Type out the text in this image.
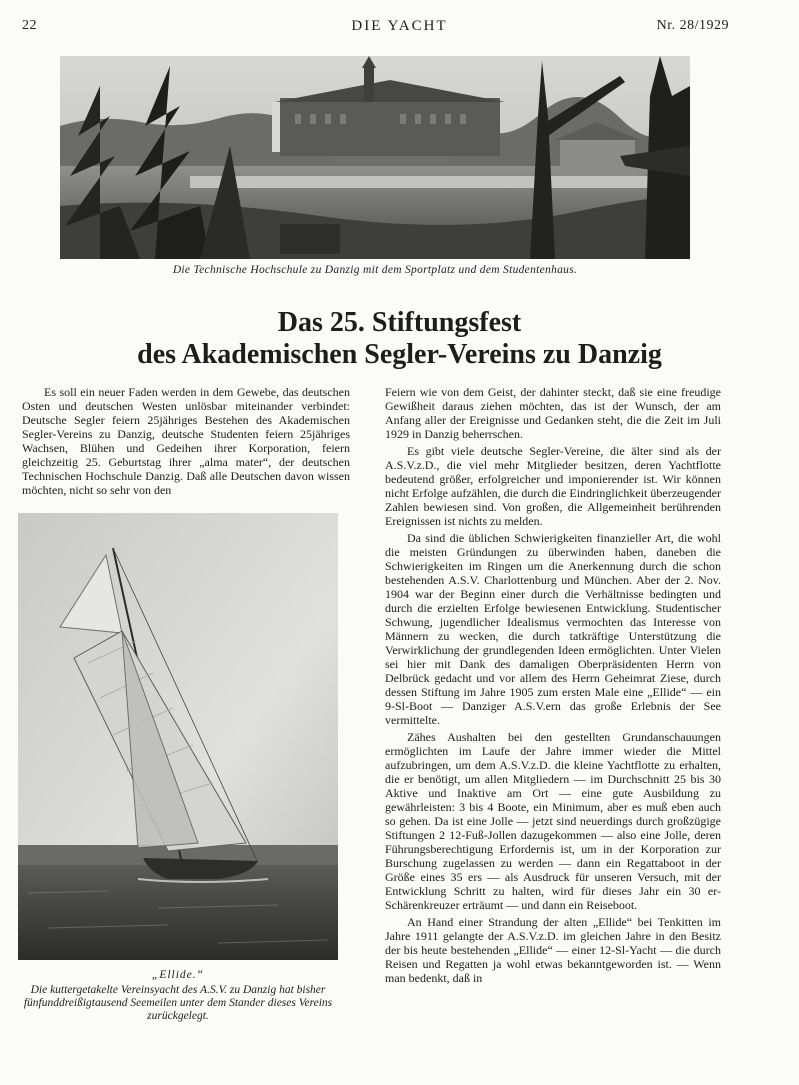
22	DIE YACHT	Nr. 28/1929
Die Technische Hochschule zu Danzig mit dem Sportplatz und dem Studentenhaus.
Das 25. Stiftungsfest
des Akademischen Segler-Vereins zu Danzig

Es soll ein neuer Faden werden in dem Gewebe, das deutschen Osten und deutschen Westen unlösbar miteinander verbindet: Deutsche Segler feiern 25jähriges Bestehen des Akademischen Segler-Vereins zu Danzig, deutsche Studenten feiern 25jähriges Wachsen, Blühen und Gedeihen ihrer Korporation, feiern gleichzeitig 25. Geburtstag ihrer „alma mater“, der deutschen Technischen Hochschule Danzig. Daß alle Deutschen davon wissen möchten, nicht so sehr von den

„Ellide.“
Die kuttergetakelte Vereinsyacht des A.S.V. zu Danzig hat bisher fünfunddreißigtausend Seemeilen unter dem Stander dieses Vereins zurückgelegt.

Feiern wie von dem Geist, der dahinter steckt, daß sie eine freudige Gewißheit daraus ziehen möchten, das ist der Wunsch, der am Anfang aller der Ereignisse und Gedanken steht, die die Zeit im Juli 1929 in Danzig beherrschen.

Es gibt viele deutsche Segler-Vereine, die älter sind als der A.S.V.z.D., die viel mehr Mitglieder besitzen, deren Yachtflotte bedeutend größer, erfolgreicher und imponierender ist. Wir können nicht Erfolge aufzählen, die durch die Eindringlichkeit überzeugender Zahlen bewiesen sind. Von großen, die Allgemeinheit berührenden Ereignissen ist nichts zu melden.

Da sind die üblichen Schwierigkeiten finanzieller Art, die wohl die meisten Gründungen zu überwinden haben, daneben die Schwierigkeiten im Ringen um die Anerkennung durch die schon bestehenden A.S.V. Charlottenburg und München. Aber der 2. Nov. 1904 war der Beginn einer durch die Verhältnisse bedingten und durch die erzielten Erfolge bewiesenen Entwicklung. Studentischer Schwung, jugendlicher Idealismus vermochten das Interesse von Männern zu wecken, die durch tatkräftige Unterstützung die Verwirklichung der grundlegenden Ideen ermöglichten. Unter Vielen sei hier mit Dank des damaligen Oberpräsidenten Herrn von Delbrück gedacht und vor allem des Herrn Geheimrat Ziese, durch dessen Stiftung im Jahre 1905 zum ersten Male eine „Ellide“ — ein 9-Sl-Boot — Danziger A.S.V.ern das große Erlebnis der See vermittelte.

Zähes Aushalten bei den gestellten Grundanschauungen ermöglichten im Laufe der Jahre immer wieder die Mittel aufzubringen, um dem A.S.V.z.D. die kleine Yachtflotte zu erhalten, die er benötigt, um allen Mitgliedern — im Durchschnitt 25 bis 30 Aktive und Inaktive am Ort — eine gute Ausbildung zu gewährleisten: 3 bis 4 Boote, ein Minimum, aber es muß eben auch so gehen. Da ist eine Jolle — jetzt sind neuerdings durch großzügige Stiftungen 2 12-Fuß-Jollen dazugekommen — also eine Jolle, deren Führungsberechtigung Erfordernis ist, um in der Korporation zur Burschung zugelassen zu werden — dann ein Regattaboot in der Größe eines 35 ers — als Ausdruck für unseren Versuch, mit der Entwicklung Schritt zu halten, wird für dieses Jahr ein 30 er-Schärenkreuzer erträumt — und dann ein Reiseboot.

An Hand einer Strandung der alten „Ellide“ bei Tenkitten im Jahre 1911 gelangte der A.S.V.z.D. im gleichen Jahre in den Besitz der bis heute bestehenden „Ellide“ — einer 12-Sl-Yacht — die durch Reisen und Regatten ja wohl etwas bekanntgeworden ist. — Wenn man bedenkt, daß in
